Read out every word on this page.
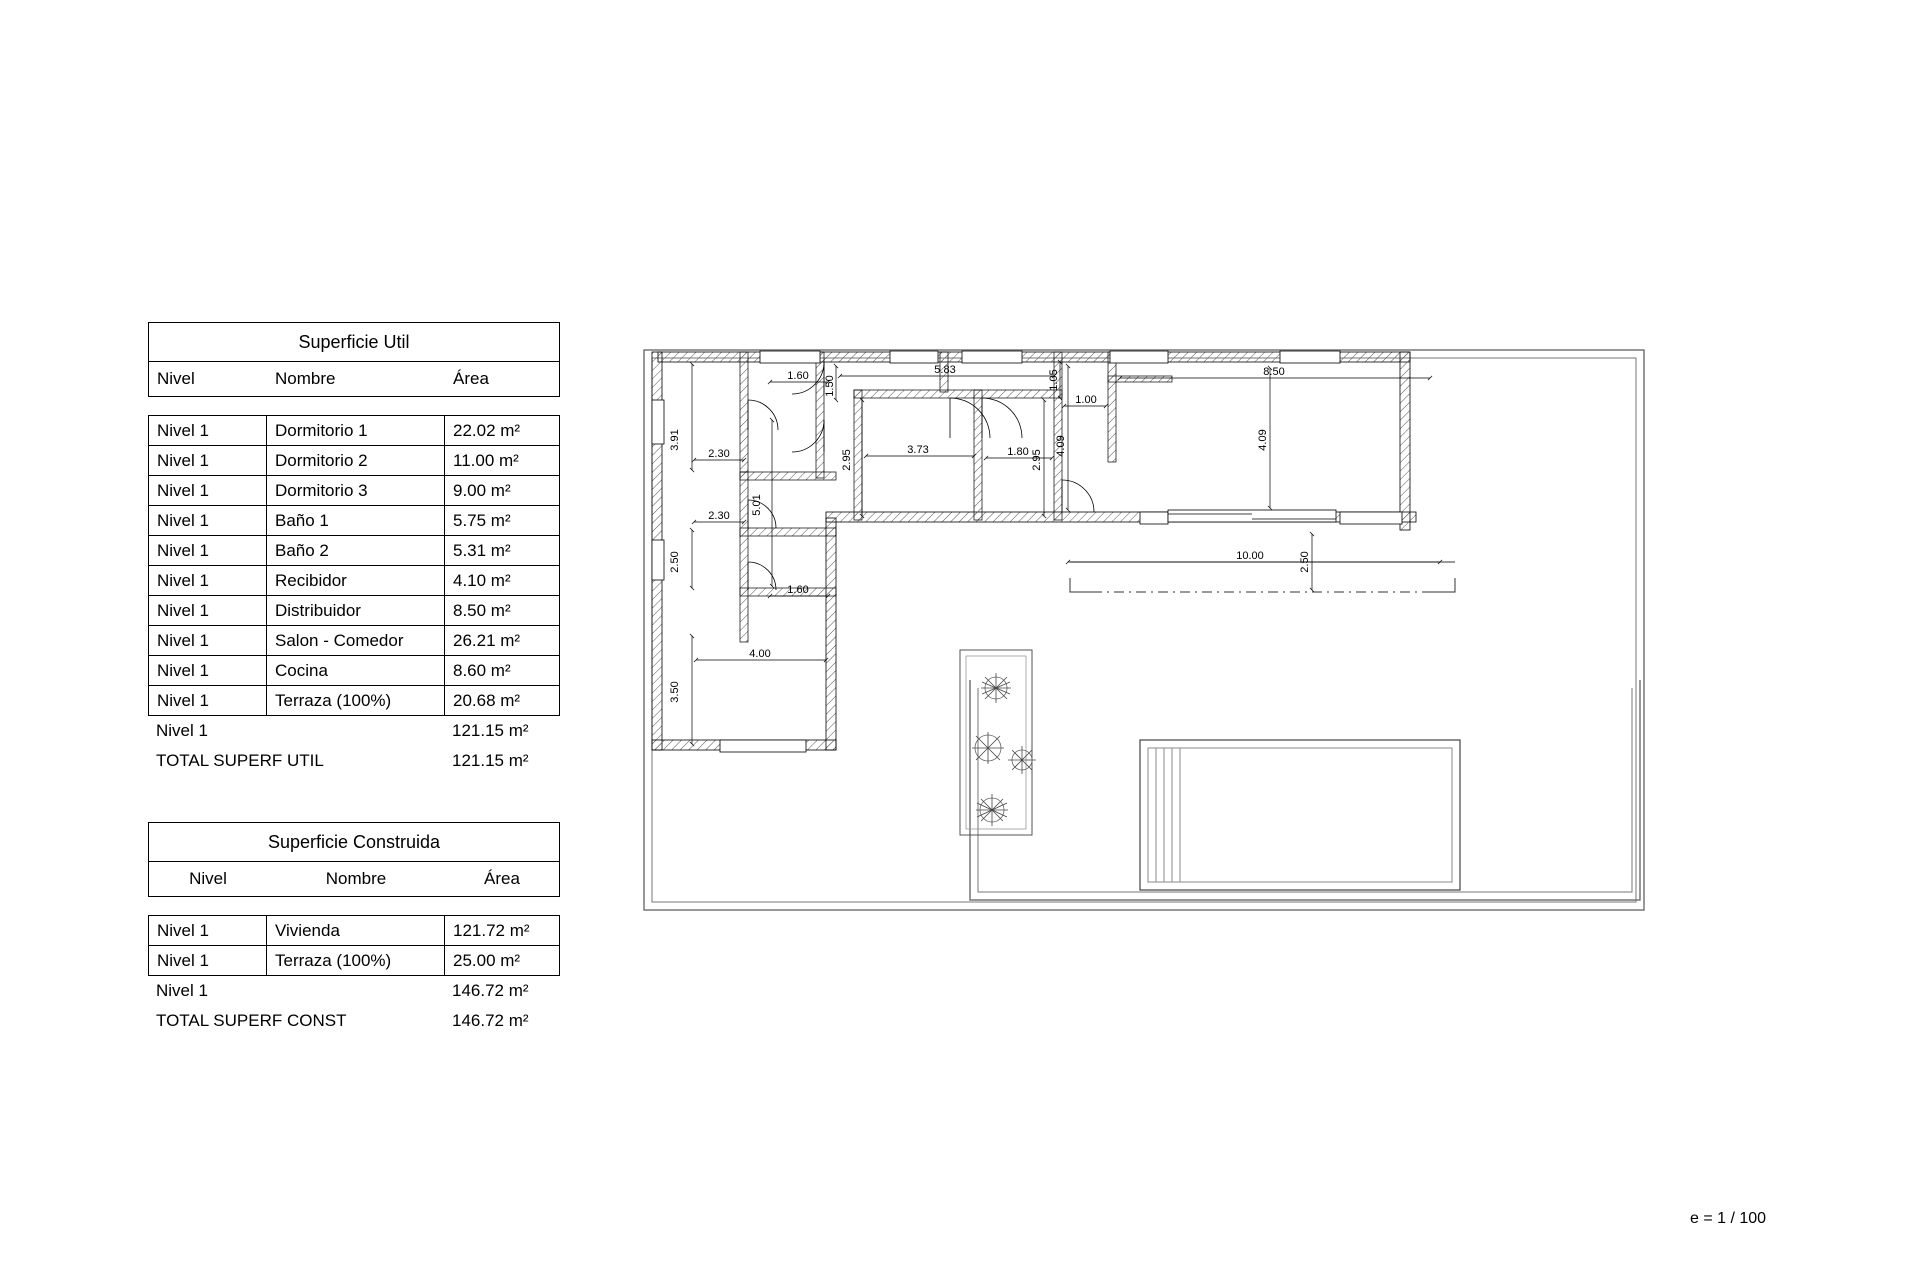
Superficie Util
Nivel	Nombre	Área
Nivel 1	Dormitorio 1	22.02 m²
Nivel 1	Dormitorio 2	11.00 m²
Nivel 1	Dormitorio 3	9.00 m²
Nivel 1	Baño 1	5.75 m²
Nivel 1	Baño 2	5.31 m²
Nivel 1	Recibidor	4.10 m²
Nivel 1	Distribuidor	8.50 m²
Nivel 1	Salon - Comedor	26.21 m²
Nivel 1	Cocina	8.60 m²
Nivel 1	Terraza (100%)	20.68 m²
Nivel 1	121.15 m²
TOTAL SUPERF UTIL	121.15 m²
Superficie Construida
Nivel	Nombre	Área
Nivel 1	Vivienda	121.72 m²
Nivel 1	Terraza (100%)	25.00 m²
Nivel 1	146.72 m²
TOTAL SUPERF CONST	146.72 m²
e = 1 / 100
3.91
2.30
2.30
2.50
3.50
4.00
1.60 1.50
1.60
5.01
5.83	1.05
1.00
2.95	3.73	1.80 2.95
4.09
8.50
4.09
10.00	2.50
